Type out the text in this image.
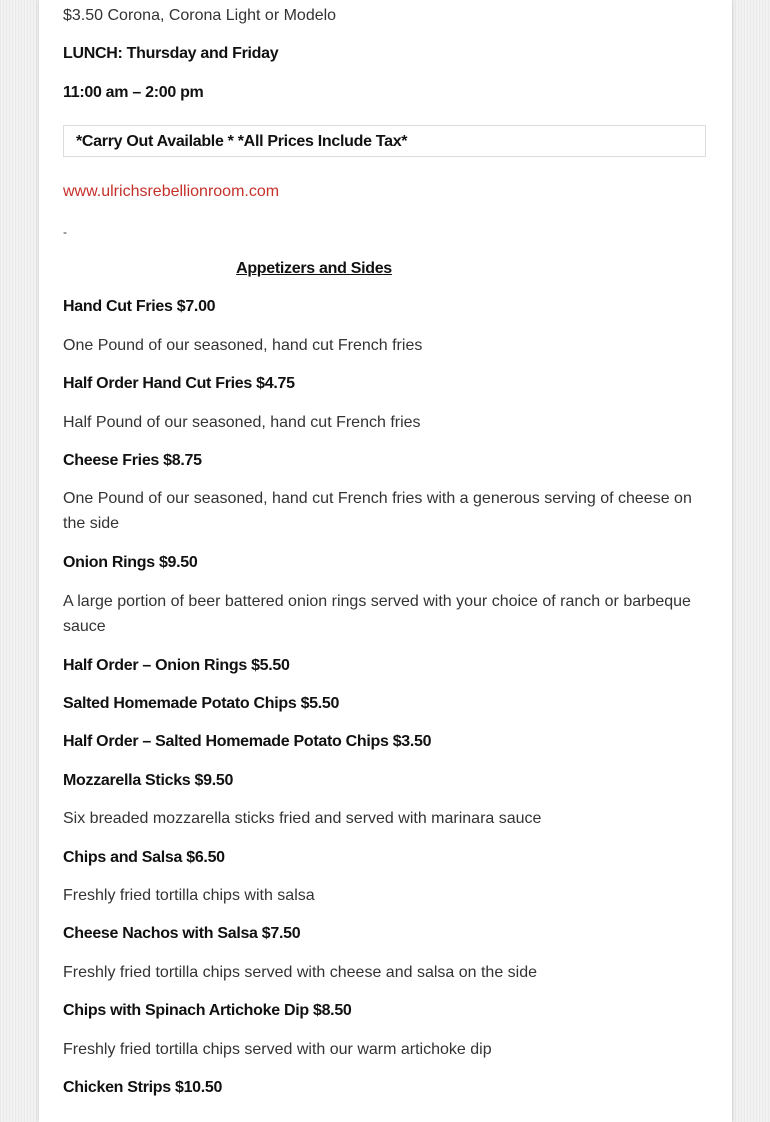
$3.50 Corona, Corona Light or Modelo

LUNCH: Thursday and Friday

11:00 am – 2:00 pm

*Carry Out Available * *All Prices Include Tax*

www.ulrichsrebellionroom.com

-
Appetizers and Sides

Hand Cut Fries $7.00

One Pound of our seasoned, hand cut French fries

Half Order Hand Cut Fries $4.75

Half Pound of our seasoned, hand cut French fries

Cheese Fries $8.75

One Pound of our seasoned, hand cut French fries with a generous serving of cheese on the side

Onion Rings $9.50

A large portion of beer battered onion rings served with your choice of ranch or barbeque sauce

Half Order – Onion Rings $5.50

Salted Homemade Potato Chips $5.50

Half Order – Salted Homemade Potato Chips $3.50

Mozzarella Sticks $9.50

Six breaded mozzarella sticks fried and served with marinara sauce

Chips and Salsa $6.50

Freshly fried tortilla chips with salsa

Cheese Nachos with Salsa $7.50

Freshly fried tortilla chips served with cheese and salsa on the side

Chips with Spinach Artichoke Dip $8.50

Freshly fried tortilla chips served with our warm artichoke dip

Chicken Strips $10.50
